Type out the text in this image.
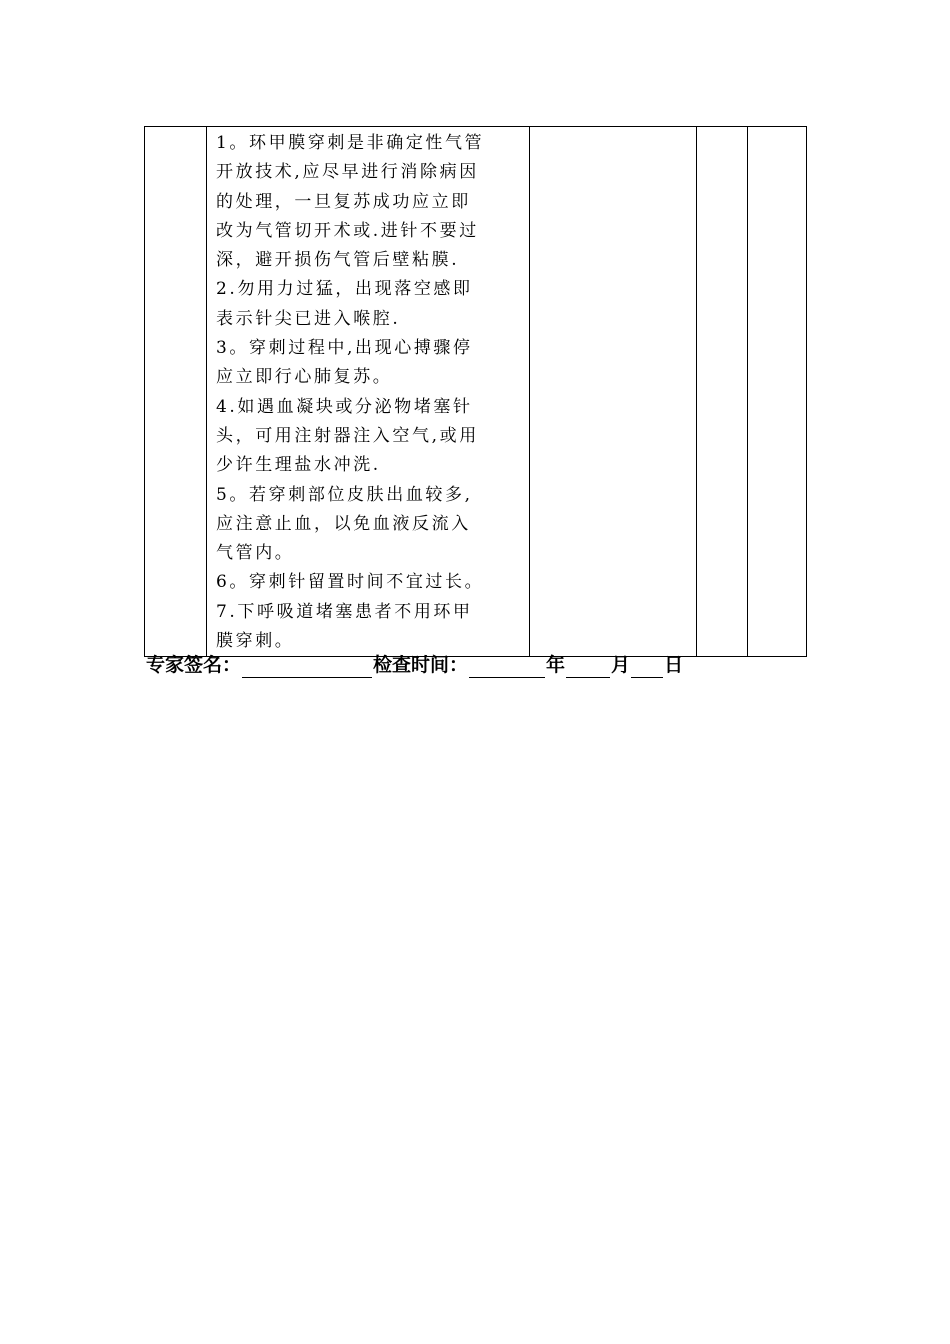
1。环甲膜穿刺是非确定性气管
开放技术,应尽早进行消除病因
的处理，一旦复苏成功应立即
改为气管切开术或.进针不要过
深，避开损伤气管后壁粘膜.
2.勿用力过猛，出现落空感即
表示针尖已进入喉腔.
3。穿刺过程中,出现心搏骤停
应立即行心肺复苏。
4.如遇血凝块或分泌物堵塞针
头，可用注射器注入空气,或用
少许生理盐水冲洗.
5。若穿刺部位皮肤出血较多,
应注意止血，以免血液反流入
气管内。
6。穿刺针留置时间不宜过长。
7.下呼吸道堵塞患者不用环甲
膜穿刺。

专家签名：	检查时间：	年 月 日
